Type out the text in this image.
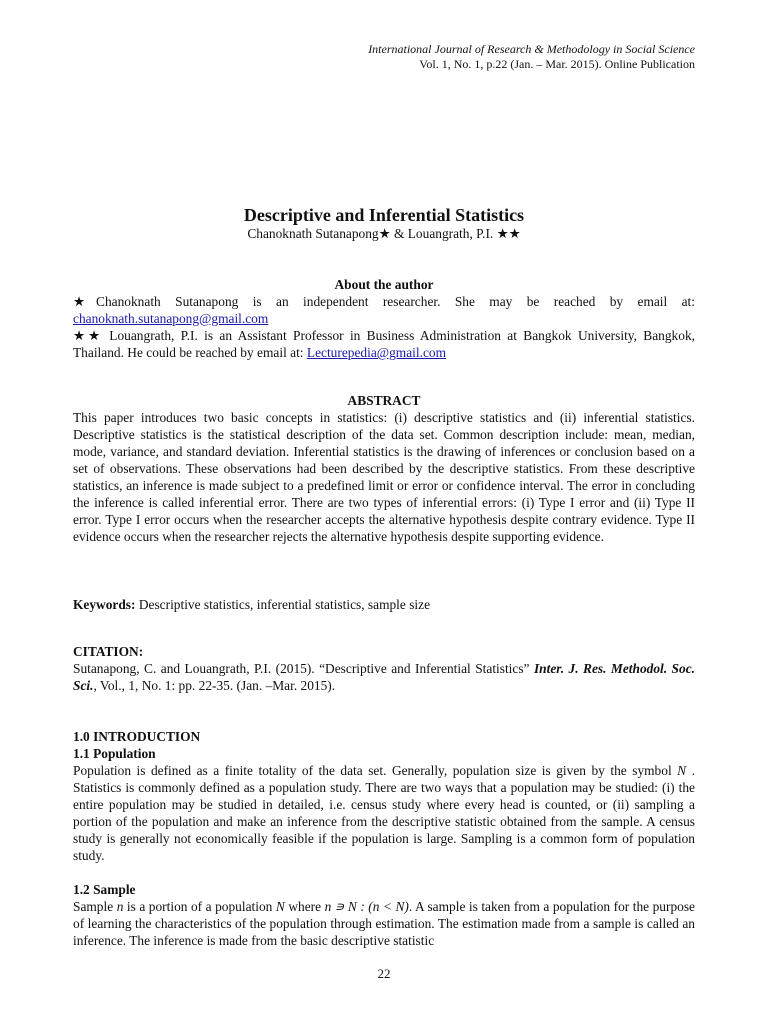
International Journal of Research & Methodology in Social Science
Vol. 1, No. 1, p.22 (Jan. – Mar. 2015). Online Publication
Descriptive and Inferential Statistics
Chanoknath Sutanapong★ & Louangrath, P.I. ★★
About the author
★Chanoknath Sutanapong is an independent researcher. She may be reached by email at: chanoknath.sutanapong@gmail.com
★★ Louangrath, P.I. is an Assistant Professor in Business Administration at Bangkok University, Bangkok, Thailand. He could be reached by email at: Lecturepedia@gmail.com
ABSTRACT
This paper introduces two basic concepts in statistics: (i) descriptive statistics and (ii) inferential statistics. Descriptive statistics is the statistical description of the data set. Common description include: mean, median, mode, variance, and standard deviation. Inferential statistics is the drawing of inferences or conclusion based on a set of observations. These observations had been described by the descriptive statistics. From these descriptive statistics, an inference is made subject to a predefined limit or error or confidence interval. The error in concluding the inference is called inferential error. There are two types of inferential errors: (i) Type I error and (ii) Type II error. Type I error occurs when the researcher accepts the alternative hypothesis despite contrary evidence. Type II evidence occurs when the researcher rejects the alternative hypothesis despite supporting evidence.
Keywords: Descriptive statistics, inferential statistics, sample size
CITATION:
Sutanapong, C. and Louangrath, P.I. (2015). “Descriptive and Inferential Statistics” Inter. J. Res. Methodol. Soc. Sci., Vol., 1, No. 1: pp. 22-35. (Jan. –Mar. 2015).
1.0 INTRODUCTION
1.1 Population
Population is defined as a finite totality of the data set. Generally, population size is given by the symbol N . Statistics is commonly defined as a population study. There are two ways that a population may be studied: (i) the entire population may be studied in detailed, i.e. census study where every head is counted, or (ii) sampling a portion of the population and make an inference from the descriptive statistic obtained from the sample. A census study is generally not economically feasible if the population is large. Sampling is a common form of population study.
1.2 Sample
Sample n is a portion of a population N where n ∍ N : (n < N). A sample is taken from a population for the purpose of learning the characteristics of the population through estimation. The estimation made from a sample is called an inference. The inference is made from the basic descriptive statistic
22
